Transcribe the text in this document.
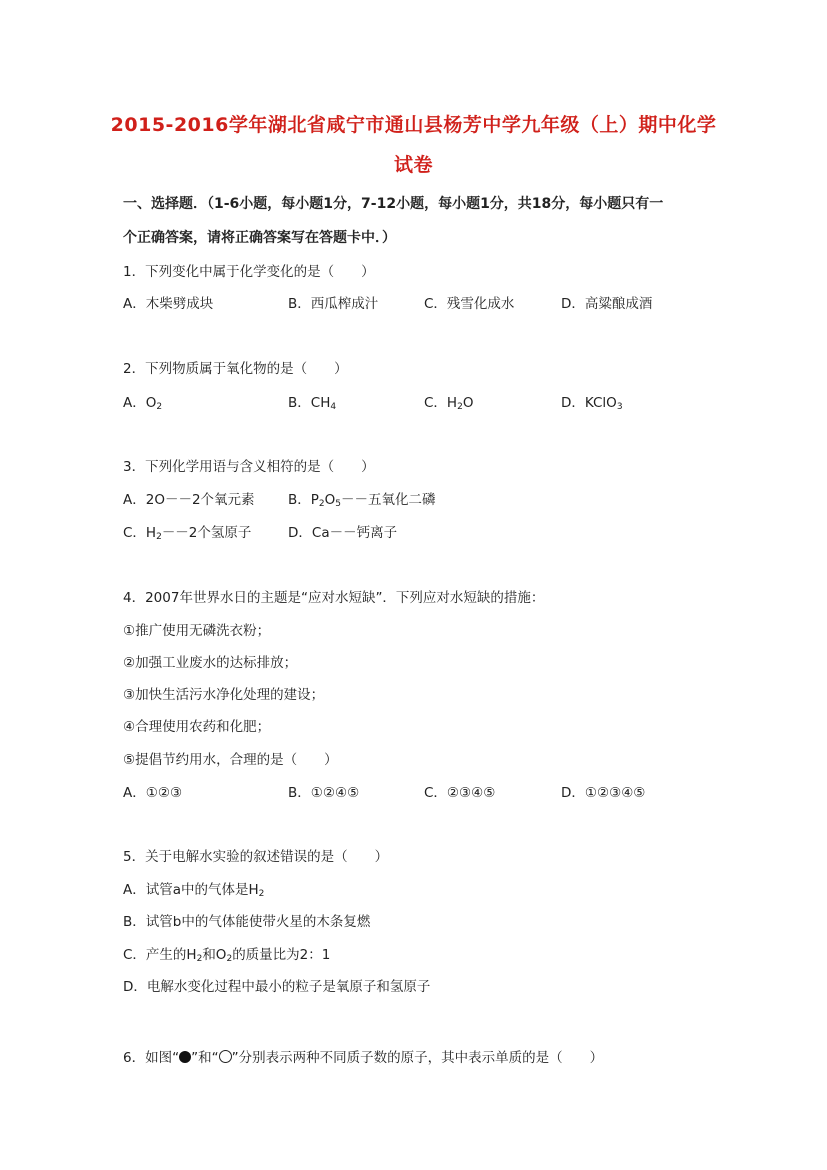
2015-2016学年湖北省咸宁市通山县杨芳中学九年级（上）期中化学
试卷
一、选择题．（1-6小题，每小题1分，7-12小题，每小题1分，共18分，每小题只有一
个正确答案，请将正确答案写在答题卡中．）
1．下列变化中属于化学变化的是（　　）
A．木柴劈成块	B．西瓜榨成汁	C．残雪化成水	D．高粱酿成酒
2．下列物质属于氧化物的是（　　）
A．$O_2$	B．$CH_4$	C．$H_2O$	D．KClO$_3$
3．下列化学用语与含义相符的是（　　）
A．2O－－2个氧元素 B．$P_2O_5--$五氧化二磷
C．$H_2--2$个氢原子	D．Ca－－钙离子
4．2007年世界水日的主题是“应对水短缺”．下列应对水短缺的措施：
①推广使用无磷洗衣粉；
②加强工业废水的达标排放；
③加快生活污水净化处理的建设；
④合理使用农药和化肥；
⑤提倡节约用水，合理的是（　　）
A．①②③	B．①②④⑤	C．②③④⑤	D．①②③④⑤
5．关于电解水实验的叙述错误的是（　　）
A．试管a中的气体是$H_2$
B．试管b中的气体能使带火星的木条复燃
C．产生的$H_2$和$O_2$的质量比为2：1
D．电解水变化过程中最小的粒子是氧原子和氢原子
6．如图“ ”和“ ”分别表示两种不同质子数的原子，其中表示单质的是（　　）
